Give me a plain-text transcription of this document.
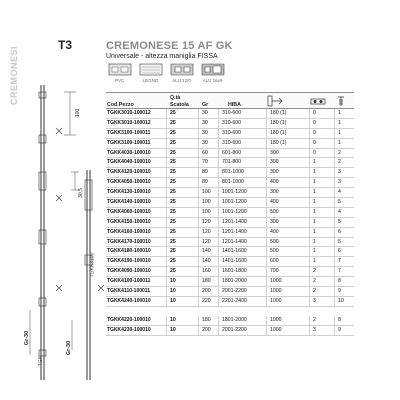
CREMONESI
T3
100
30,5
TGKK3100
Gr-30
Gr-30
TGK
CREMONESE 15 AF GK
Universale - altezza maniglia FISSA
PVC	LEGNO	ALU 12/0	ALU 16x9
Cod.Pezzo
Q.tà
Scatola Gr	HIBA
TGKK3010-100012	25	30	310-600	180 (1)	0	1
TGKK3010-100012	25	30	310-600	180 (1)	0	1
TGKK3100-100011	25	30	310-600	180 (1)	0	1
TGKK3100-100011	25	30	310-600	180 (1)	0	1
TGKK4030-100010	25	60	601-800	300	0	2
TGKK4040-100010	25	70	701-800	300	1	2
TGKK4120-100010	25	80	801-1000	300	1	3
TGKK4050-100010	25	80	801-1000	400	1	3
TGKK4130-100010	25	100 1001-1200	300	1	4
TGKK4140-100010	25	100 1001-1200	400	1	5
TGKK4060-100010	25	100 1001-1200	500	1	4
TGKK4150-100010	25	120 1201-1400	300	1	5
TGKK4160-100010	25	120 1201-1400	400	1	6
TGKK4170-100010	25	120 1201-1400	500	1	5
TGKK4180-100010	25	140 1401-1600	500	1	6
TGKK4190-100010	25	140 1401-1600	600	1	7
TGKK4090-100010	25	160 1601-1800	700	2	7
TGKK4100-100011	10	180 1801-2000	1000	2	8
TGKK4110-100011	10	200 2001-2200	1000	2	9
TGKK4240-100010	10	220 2201-2400	1000	3	10
TGKK4220-100010	10	180 1801-2000	1000	2	8
TGKK4230-100010	10	200 2001-2200	1000	3	9
